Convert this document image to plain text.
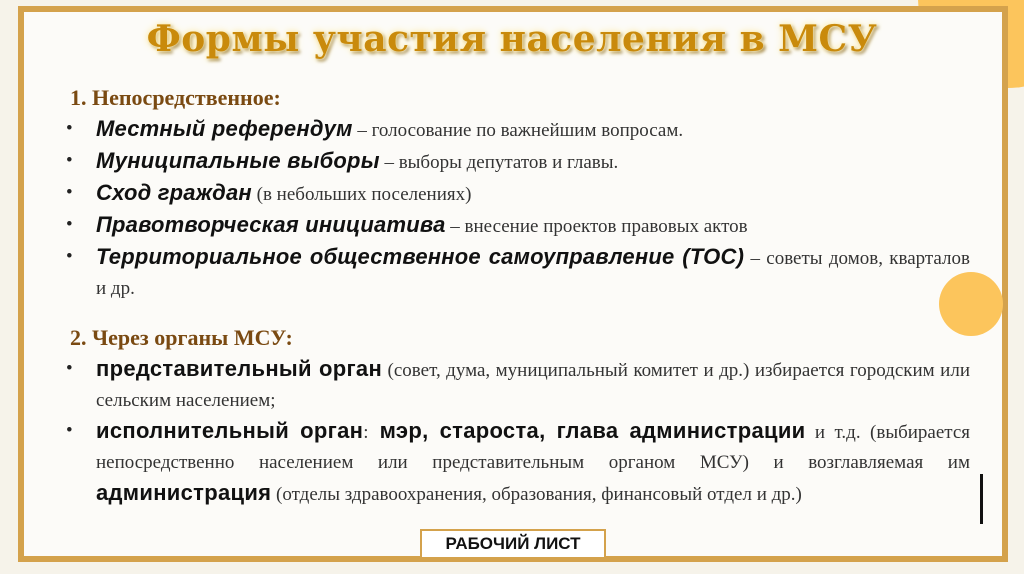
Формы участия населения в МСУ
1. Непосредственное:
• Местный референдум – голосование по важнейшим вопросам.
• Муниципальные выборы – выборы депутатов и главы.
• Сход граждан (в небольших поселениях)
• Правотворческая инициатива – внесение проектов правовых актов
• Территориальное общественное самоуправление (ТОС) – советы домов, кварталов и др.
2. Через органы МСУ:
• представительный орган (совет, дума, муниципальный комитет и др.) избирается городским или сельским населением;
• исполнительный орган: мэр, староста, глава администрации и т.д. (выбирается непосредственно населением или представительным органом МСУ) и возглавляемая им администрация (отделы здравоохранения, образования, финансовый отдел и др.)
РАБОЧИЙ ЛИСТ
